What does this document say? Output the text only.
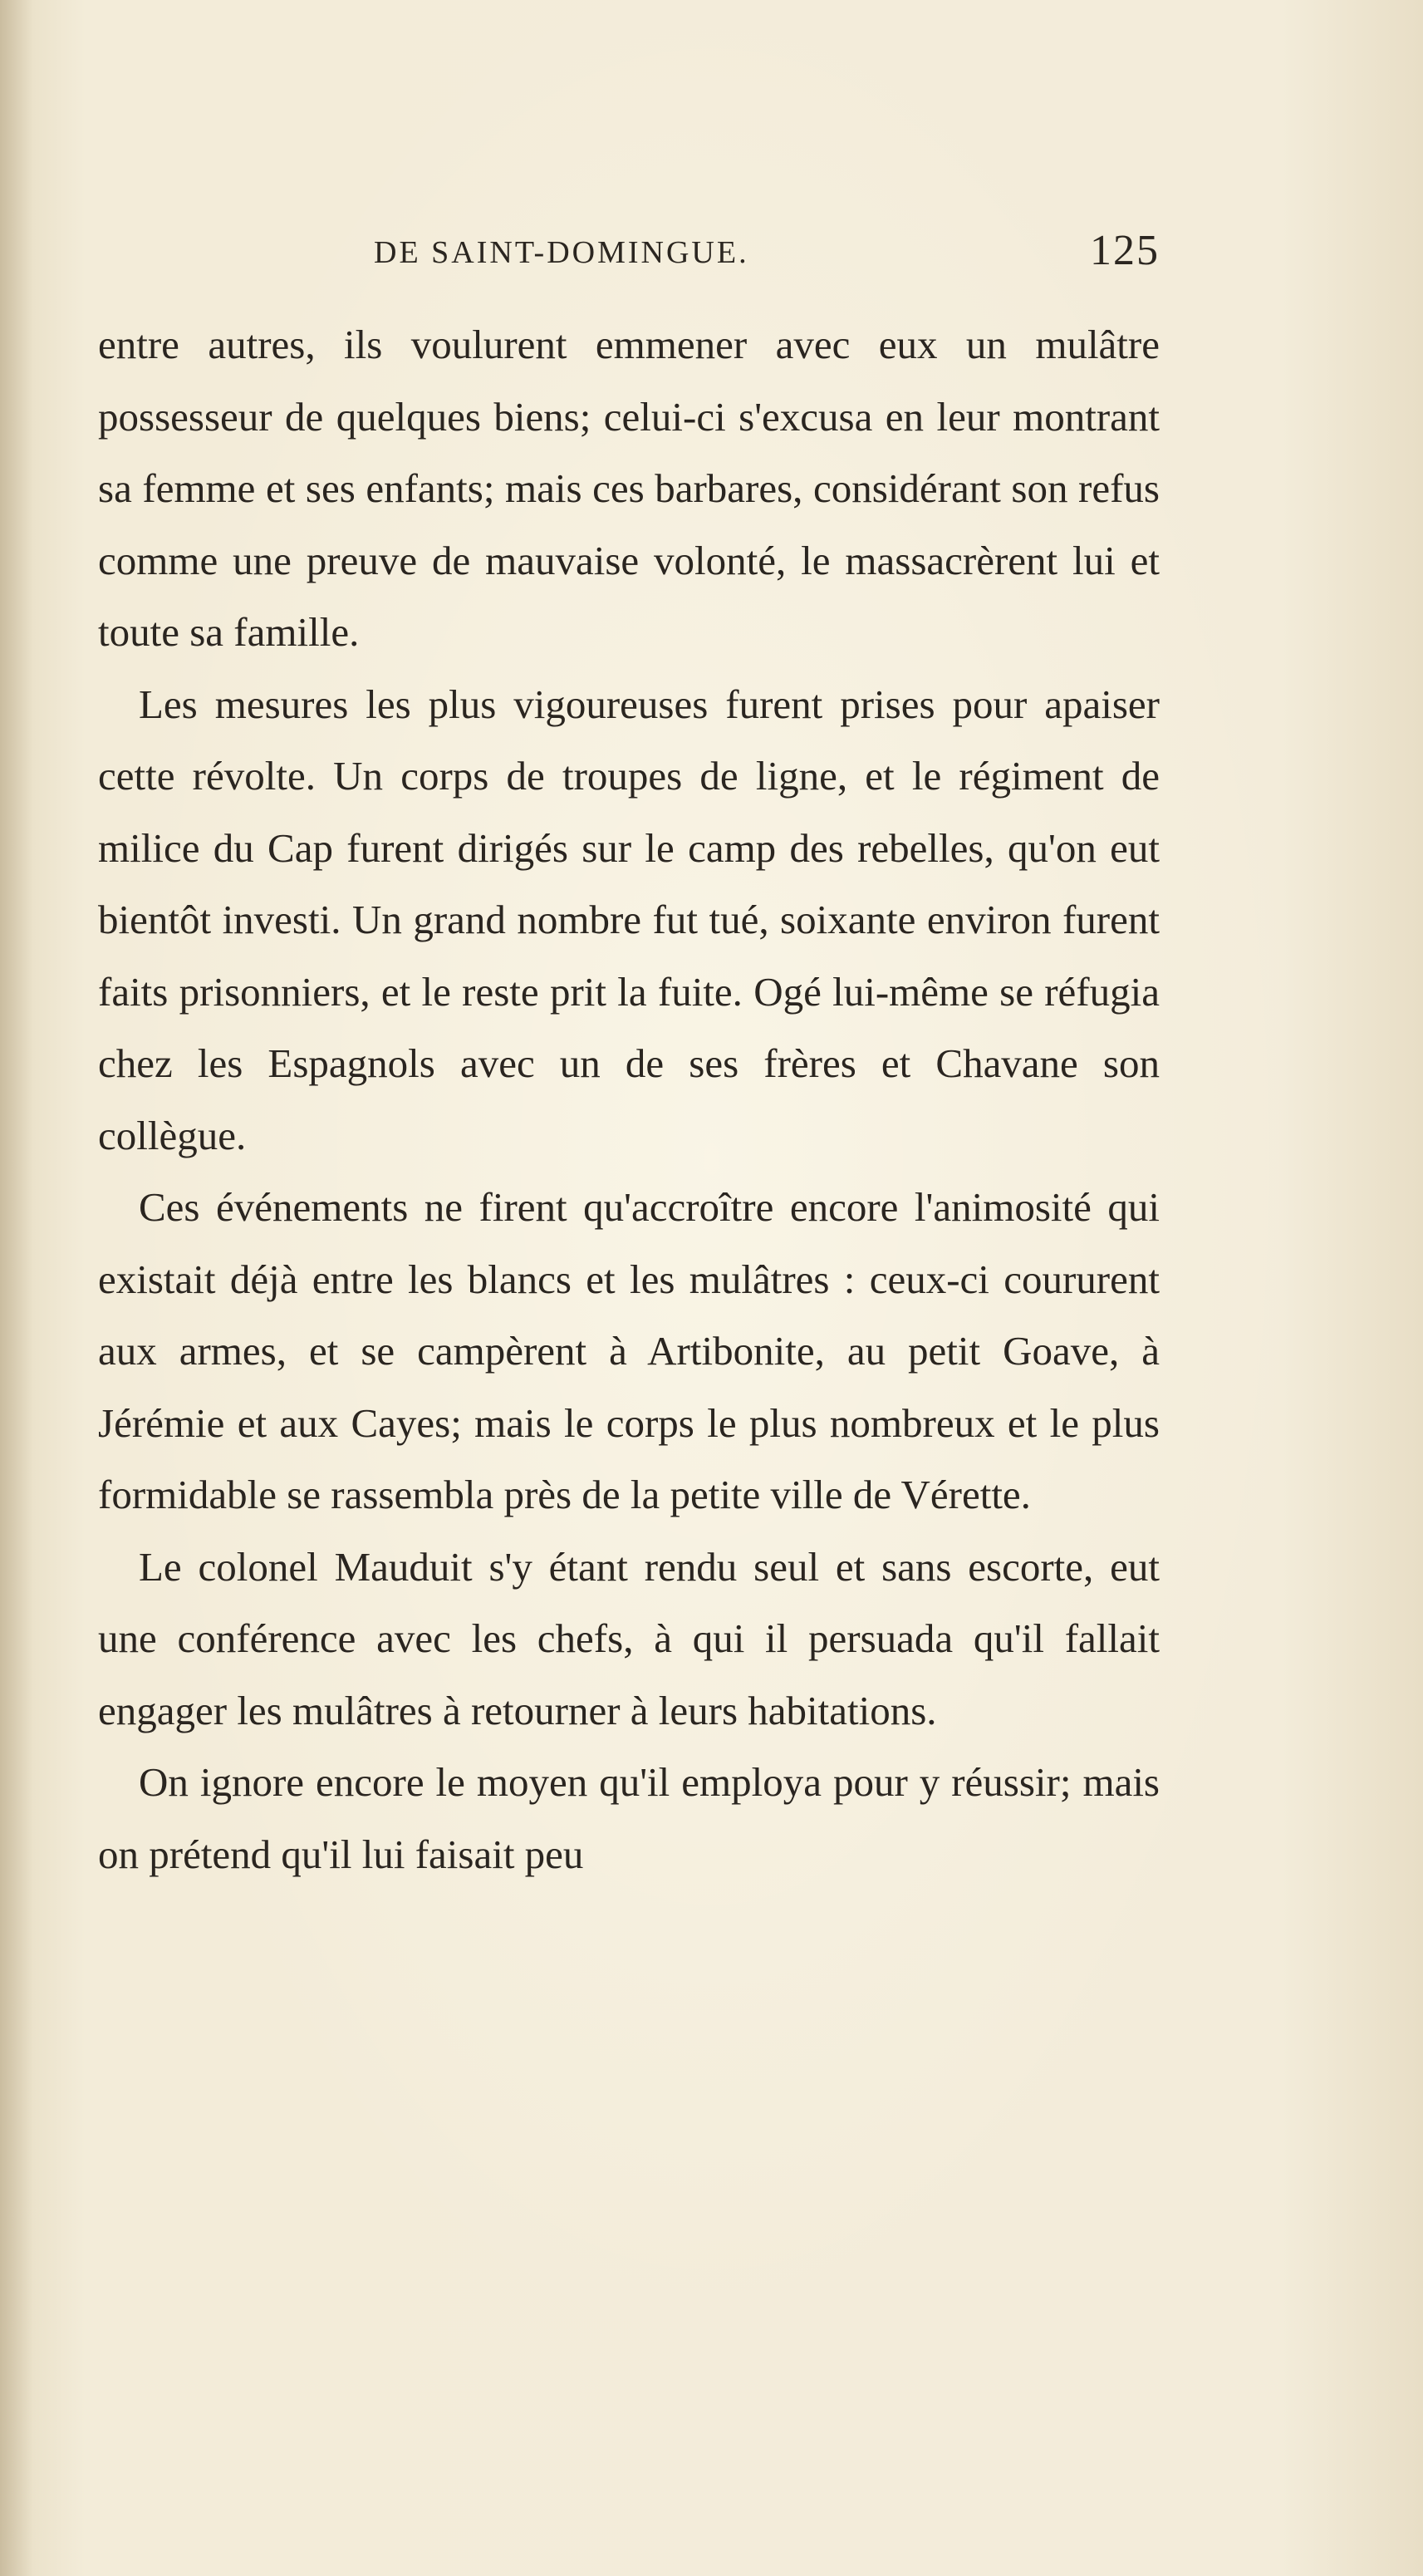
DE SAINT-DOMINGUE.	125

entre autres, ils voulurent emmener avec eux un mulâtre possesseur de quelques biens; celui-ci s'excusa en leur montrant sa femme et ses enfants; mais ces barbares, considérant son refus comme une preuve de mauvaise volonté, le massacrèrent lui et toute sa famille.

Les mesures les plus vigoureuses furent prises pour apaiser cette révolte. Un corps de troupes de ligne, et le régiment de milice du Cap furent dirigés sur le camp des rebelles, qu'on eut bientôt investi. Un grand nombre fut tué, soixante environ furent faits prisonniers, et le reste prit la fuite. Ogé lui-même se réfugia chez les Espagnols avec un de ses frères et Chavane son collègue.

Ces événements ne firent qu'accroître encore l'animosité qui existait déjà entre les blancs et les mulâtres : ceux-ci coururent aux armes, et se campèrent à Artibonite, au petit Goave, à Jérémie et aux Cayes; mais le corps le plus nombreux et le plus formidable se rassembla près de la petite ville de Vérette.

Le colonel Mauduit s'y étant rendu seul et sans escorte, eut une conférence avec les chefs, à qui il persuada qu'il fallait engager les mulâtres à retourner à leurs habitations.

On ignore encore le moyen qu'il employa pour y réussir; mais on prétend qu'il lui faisait peu
